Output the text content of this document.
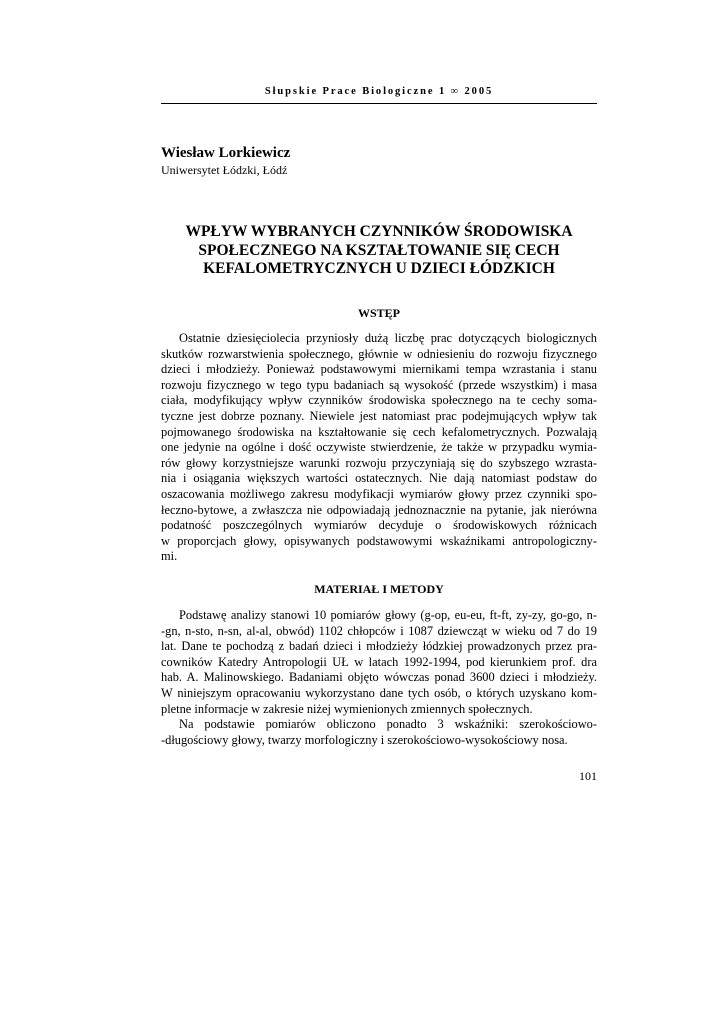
Słupskie Prace Biologiczne 1 ∞ 2005
Wiesław Lorkiewicz
Uniwersytet Łódzki, Łódź
WPŁYW WYBRANYCH CZYNNIKÓW ŚRODOWISKA
SPOŁECZNEGO NA KSZTAŁTOWANIE SIĘ CECH
KEFALOMETRYCZNYCH U DZIECI ŁÓDZKICH
WSTĘP
Ostatnie dziesięciolecia przyniosły dużą liczbę prac dotyczących biologicznych
skutków rozwarstwienia społecznego, głównie w odniesieniu do rozwoju fizycznego
dzieci i młodzieży. Ponieważ podstawowymi miernikami tempa wzrastania i stanu
rozwoju fizycznego w tego typu badaniach są wysokość (przede wszystkim) i masa
ciała, modyfikujący wpływ czynników środowiska społecznego na te cechy soma-
tyczne jest dobrze poznany. Niewiele jest natomiast prac podejmujących wpływ tak
pojmowanego środowiska na kształtowanie się cech kefalometrycznych. Pozwalają
one jedynie na ogólne i dość oczywiste stwierdzenie, że także w przypadku wymia-
rów głowy korzystniejsze warunki rozwoju przyczyniają się do szybszego wzrasta-
nia i osiągania większych wartości ostatecznych. Nie dają natomiast podstaw do
oszacowania możliwego zakresu modyfikacji wymiarów głowy przez czynniki spo-
łeczno-bytowe, a zwłaszcza nie odpowiadają jednoznacznie na pytanie, jak nierówna
podatność poszczególnych wymiarów decyduje o środowiskowych różnicach
w proporcjach głowy, opisywanych podstawowymi wskaźnikami antropologiczny-
mi.
MATERIAŁ I METODY
Podstawę analizy stanowi 10 pomiarów głowy (g-op, eu-eu, ft-ft, zy-zy, go-go, n-
-gn, n-sto, n-sn, al-al, obwód) 1102 chłopców i 1087 dziewcząt w wieku od 7 do 19
lat. Dane te pochodzą z badań dzieci i młodzieży łódzkiej prowadzonych przez pra-
cowników Katedry Antropologii UŁ w latach 1992-1994, pod kierunkiem prof. dra
hab. A. Malinowskiego. Badaniami objęto wówczas ponad 3600 dzieci i młodzieży.
W niniejszym opracowaniu wykorzystano dane tych osób, o których uzyskano kom-
pletne informacje w zakresie niżej wymienionych zmiennych społecznych.
Na podstawie pomiarów obliczono ponadto 3 wskaźniki: szerokościowo-
-długościowy głowy, twarzy morfologiczny i szerokościowo-wysokościowy nosa.
101
